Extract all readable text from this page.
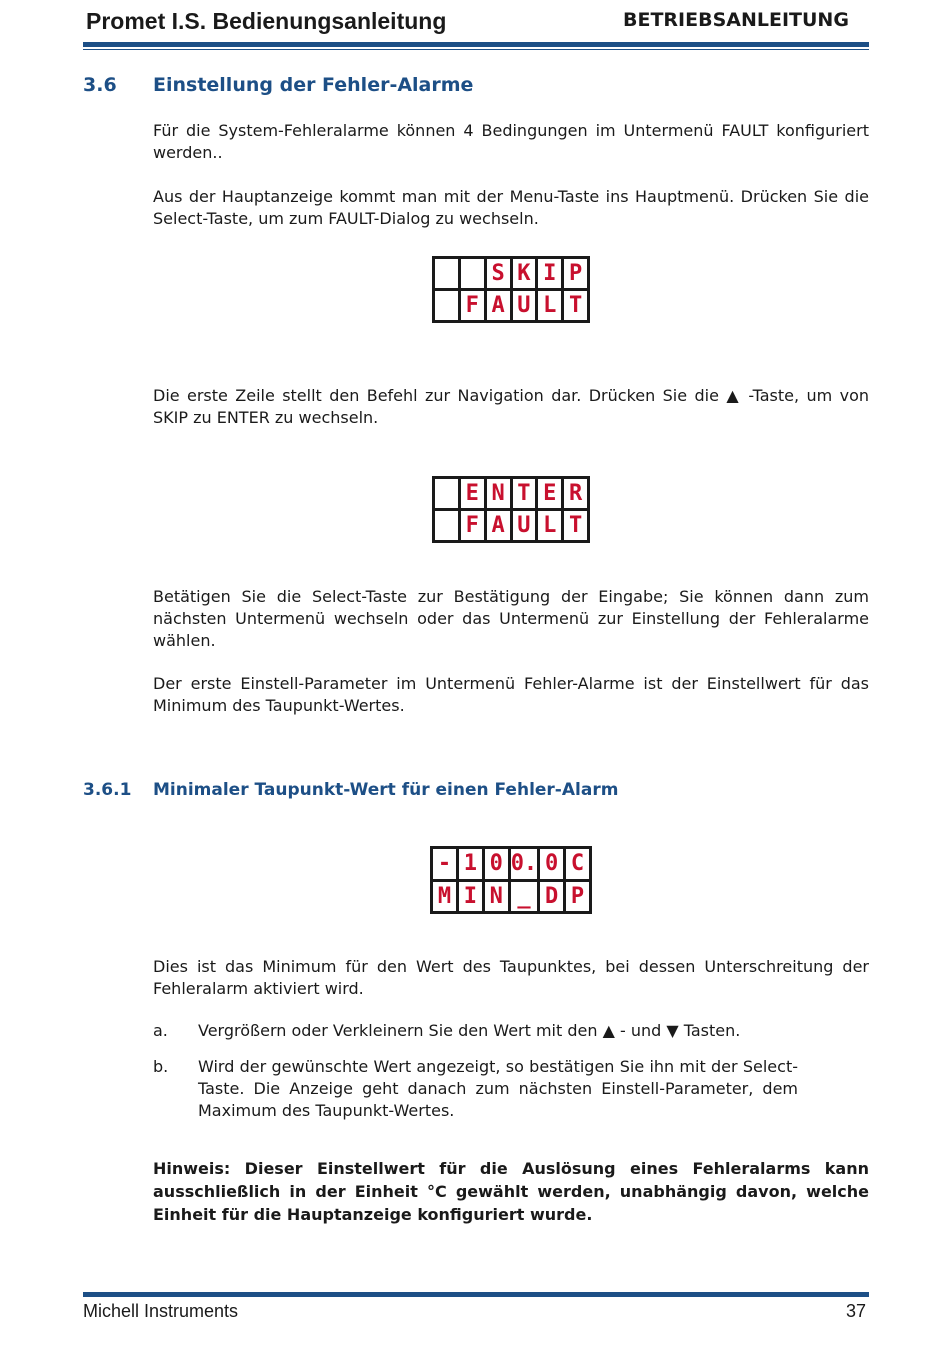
Promet I.S. Bedienungsanleitung	BETRIEBSANLEITUNG
3.6 Einstellung der Fehler-Alarme
Für die System-Fehleralarme können 4 Bedingungen im Untermenü FAULT konfiguriert werden..
Aus der Hauptanzeige kommt man mit der Menu-Taste ins Hauptmenü. Drücken Sie die Select-Taste, um zum FAULT-Dialog zu wechseln.
S K I P
F A U L T
Die erste Zeile stellt den Befehl zur Navigation dar. Drücken Sie die ▲ -Taste, um von SKIP zu ENTER zu wechseln.
E N T E R
F A U L T
Betätigen Sie die Select-Taste zur Bestätigung der Eingabe; Sie können dann zum nächsten Untermenü wechseln oder das Untermenü zur Einstellung der Fehleralarme wählen.
Der erste Einstell-Parameter im Untermenü Fehler-Alarme ist der Einstellwert für das Minimum des Taupunkt-Wertes.
3.6.1 Minimaler Taupunkt-Wert für einen Fehler-Alarm
- 1 0 0. 0 C
M I N _ D P
Dies ist das Minimum für den Wert des Taupunktes, bei dessen Unterschreitung der Fehleralarm aktiviert wird.
a. Vergrößern oder Verkleinern Sie den Wert mit den ▲ - und ▼ Tasten.
b. Wird der gewünschte Wert angezeigt, so bestätigen Sie ihn mit der Select-Taste. Die Anzeige geht danach zum nächsten Einstell-Parameter, dem Maximum des Taupunkt-Wertes.
Hinweis: Dieser Einstellwert für die Auslösung eines Fehleralarms kann ausschließlich in der Einheit °C gewählt werden, unabhängig davon, welche Einheit für die Hauptanzeige konfiguriert wurde.
Michell Instruments	37
